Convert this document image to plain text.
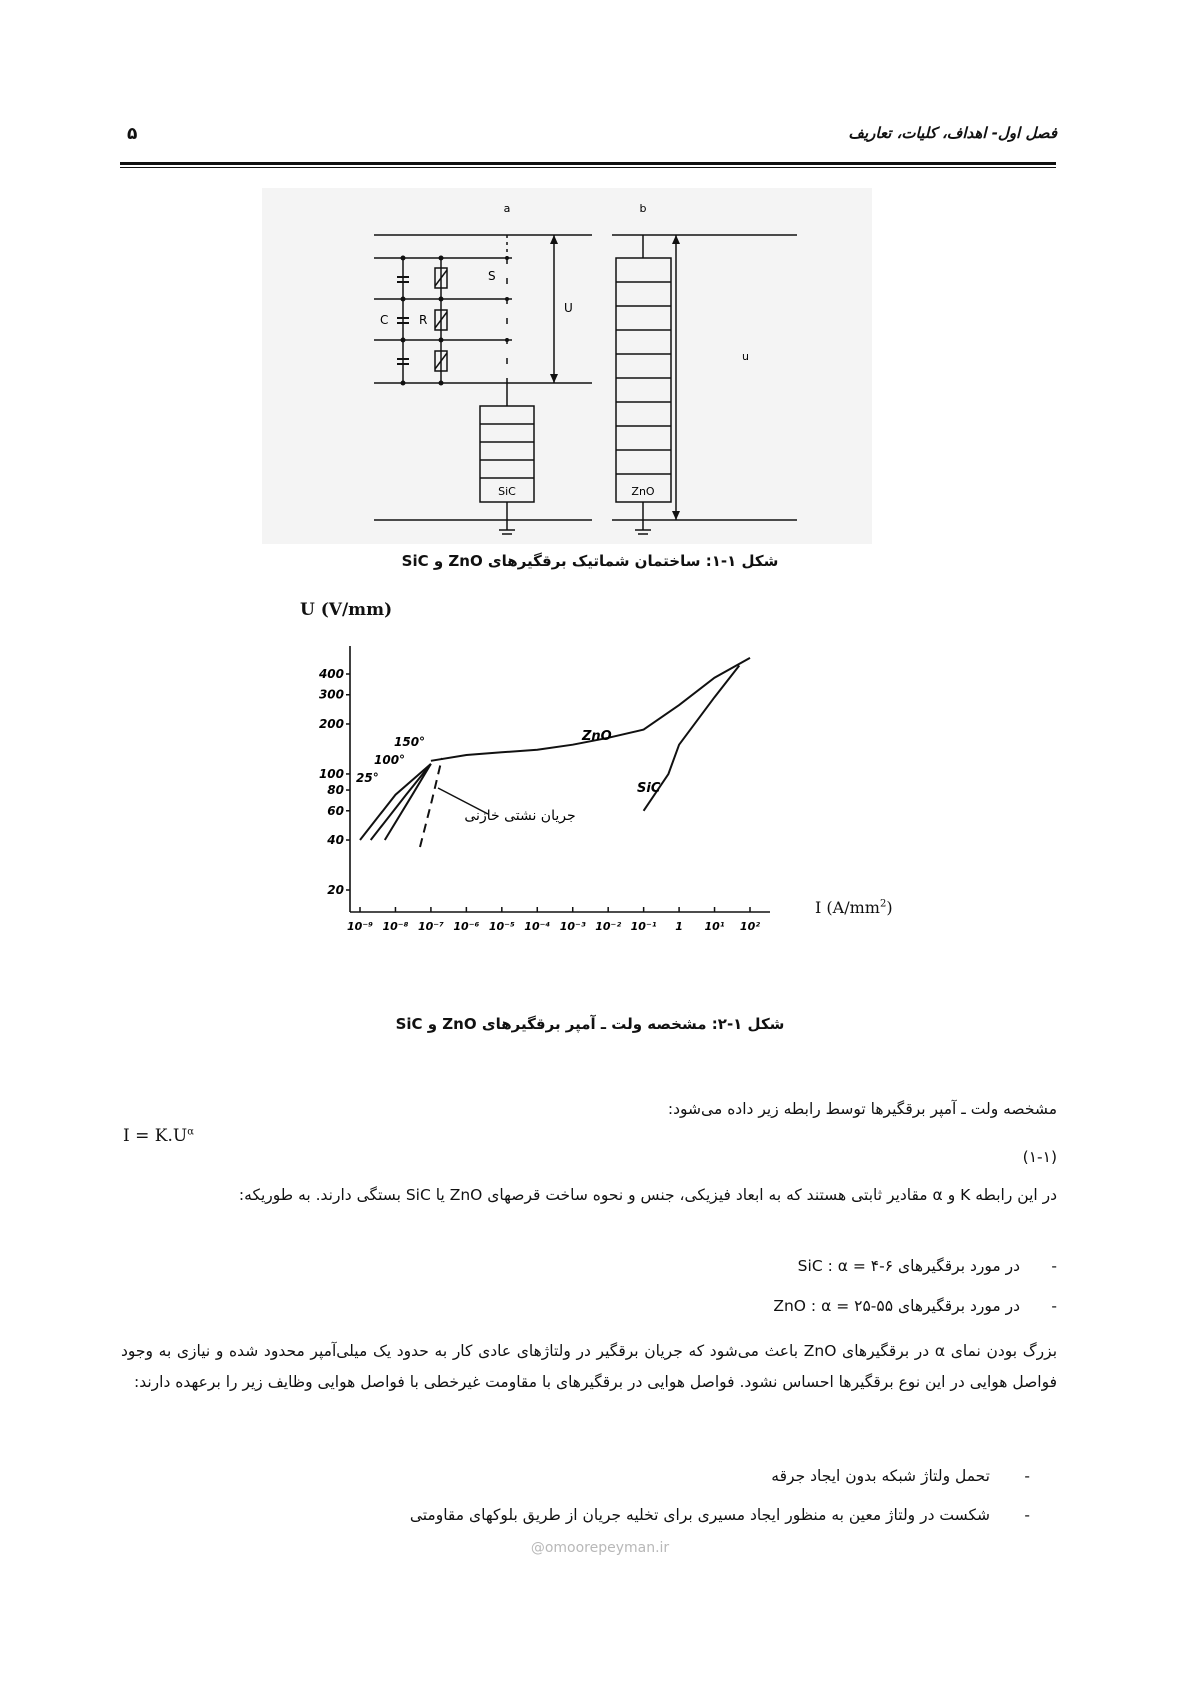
فصل اول- اهداف، کلیات، تعاریف
۵
a	b
S
C	R
U
u
SiC	ZnO
شکل ۱-۱: ساختمان شماتیک برقگیرهای ZnO و SiC
U (V/mm)
400
300
200
100
80
60
40
20
10⁻⁹ 10⁻⁸ 10⁻⁷ 10⁻⁶ 10⁻⁵ 10⁻⁴ 10⁻³ 10⁻² 10⁻¹ 1 10¹ 10²
جریان نشتی خازنی
ZnO
SiC
25°
100°
150°
I $(A/mm^2)$
شکل ۱-۲: مشخصه ولت ـ آمپر برقگیرهای ZnO و SiC
مشخصه ولت ـ آمپر برقگیرها توسط رابطه زیر داده می‌شود:
$I = K.U^\alpha$
(۱-۱)
در این رابطه K و α مقادیر ثابتی هستند که به ابعاد فیزیکی، جنس و نحوه ساخت قرصهای ZnO یا SiC بستگی دارند. به طوریکه:
-
در مورد برقگیرهای SiC : α = ۴-۶
-
در مورد برقگیرهای ZnO : α = ۲۵-۵۵
بزرگ بودن نمای α در برقگیرهای ZnO باعث می‌شود که جریان برقگیر در ولتاژهای عادی کار به حدود یک میلی‌آمپر محدود شده و نیازی به وجود فواصل هوایی در این نوع برقگیرها احساس نشود. فواصل هوایی در برقگیرهای با مقاومت غیرخطی با فواصل هوایی وظایف زیر را برعهده دارند:
-
تحمل ولتاژ شبکه بدون ایجاد جرقه
-
شکست در ولتاژ معین به منظور ایجاد مسیری برای تخلیه جریان از طریق بلوکهای مقاومتی
@omoorepeyman.ir
